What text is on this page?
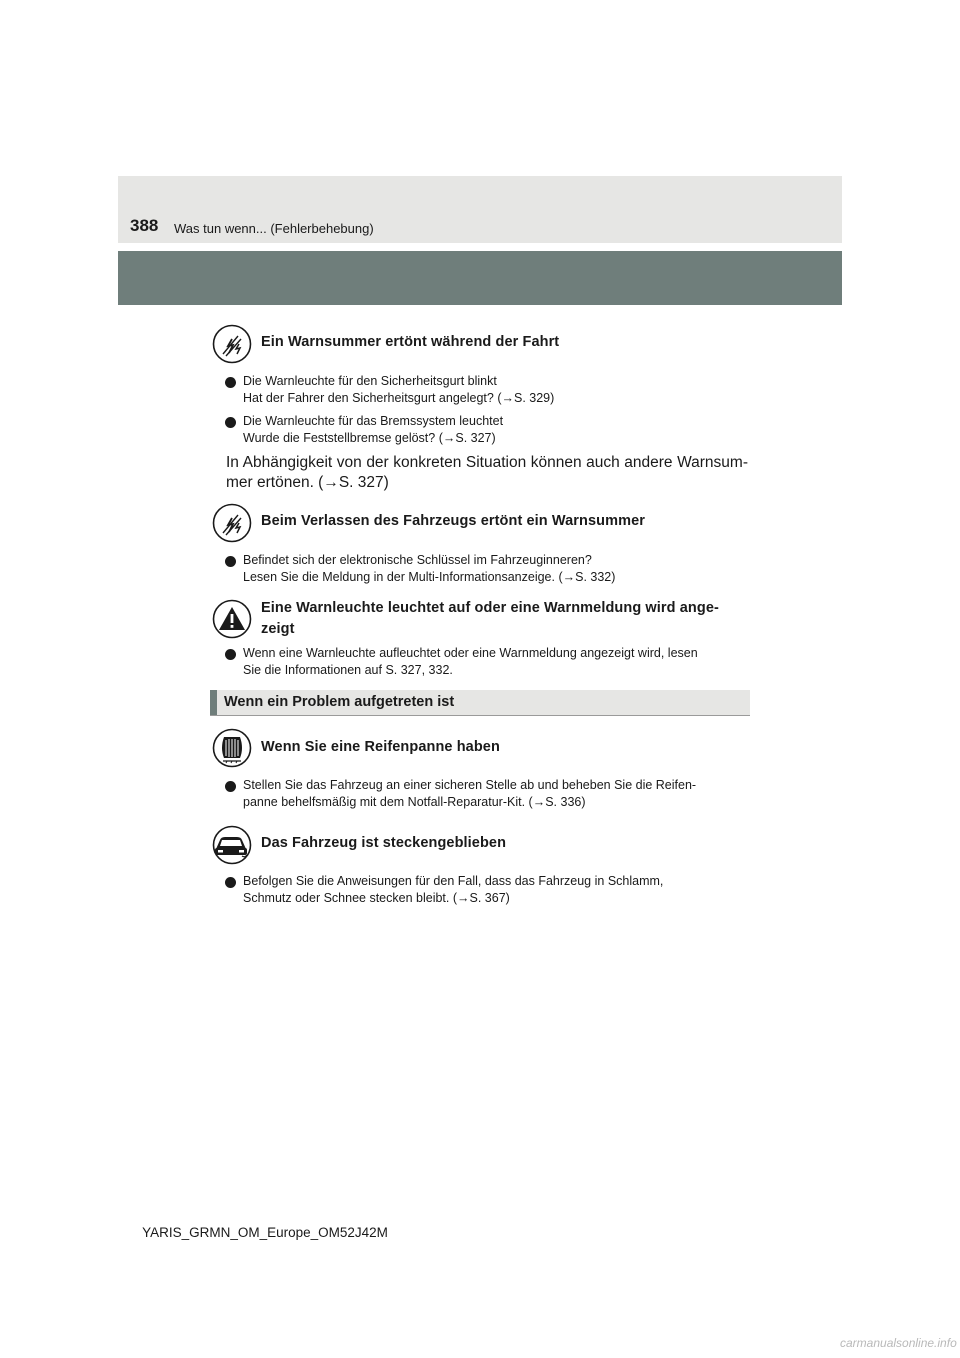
388 Was tun wenn... (Fehlerbehebung)
Ein Warnsummer ertönt während der Fahrt
Die Warnleuchte für den Sicherheitsgurt blinkt
Hat der Fahrer den Sicherheitsgurt angelegt? (→S. 329)
Die Warnleuchte für das Bremssystem leuchtet
Wurde die Feststellbremse gelöst? (→S. 327)
In Abhängigkeit von der konkreten Situation können auch andere Warnsummer ertönen. (→S. 327)
Beim Verlassen des Fahrzeugs ertönt ein Warnsummer
Befindet sich der elektronische Schlüssel im Fahrzeuginneren?
Lesen Sie die Meldung in der Multi-Informationsanzeige. (→S. 332)
Eine Warnleuchte leuchtet auf oder eine Warnmeldung wird ange-
zeigt
Wenn eine Warnleuchte aufleuchtet oder eine Warnmeldung angezeigt wird, lesen
Sie die Informationen auf S. 327, 332.
Wenn ein Problem aufgetreten ist
Wenn Sie eine Reifenpanne haben
Stellen Sie das Fahrzeug an einer sicheren Stelle ab und beheben Sie die Reifen-
panne behelfsmäßig mit dem Notfall-Reparatur-Kit. (→S. 336)
Das Fahrzeug ist steckengeblieben
Befolgen Sie die Anweisungen für den Fall, dass das Fahrzeug in Schlamm,
Schmutz oder Schnee stecken bleibt. (→S. 367)
YARIS_GRMN_OM_Europe_OM52J42M
carmanualsonline.info
